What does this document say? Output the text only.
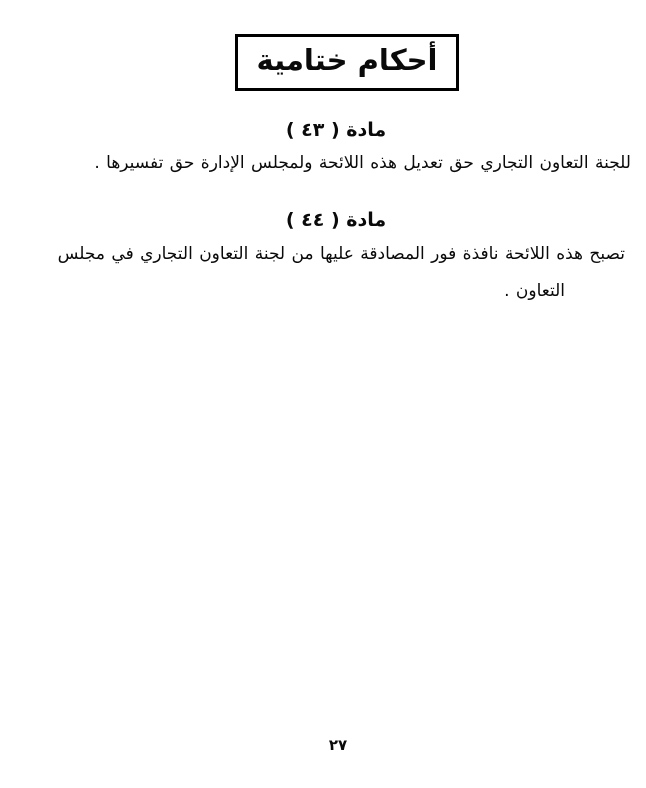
أحكام ختامية
مادة ( ٤٣ )
للجنة التعاون التجاري حق تعديل هذه اللائحة ولمجلس الإدارة حق تفسيرها .
مادة ( ٤٤ )
تصبح هذه اللائحة نافذة فور المصادقة عليها من لجنة التعاون التجاري في مجلس
التعاون .
٢٧
